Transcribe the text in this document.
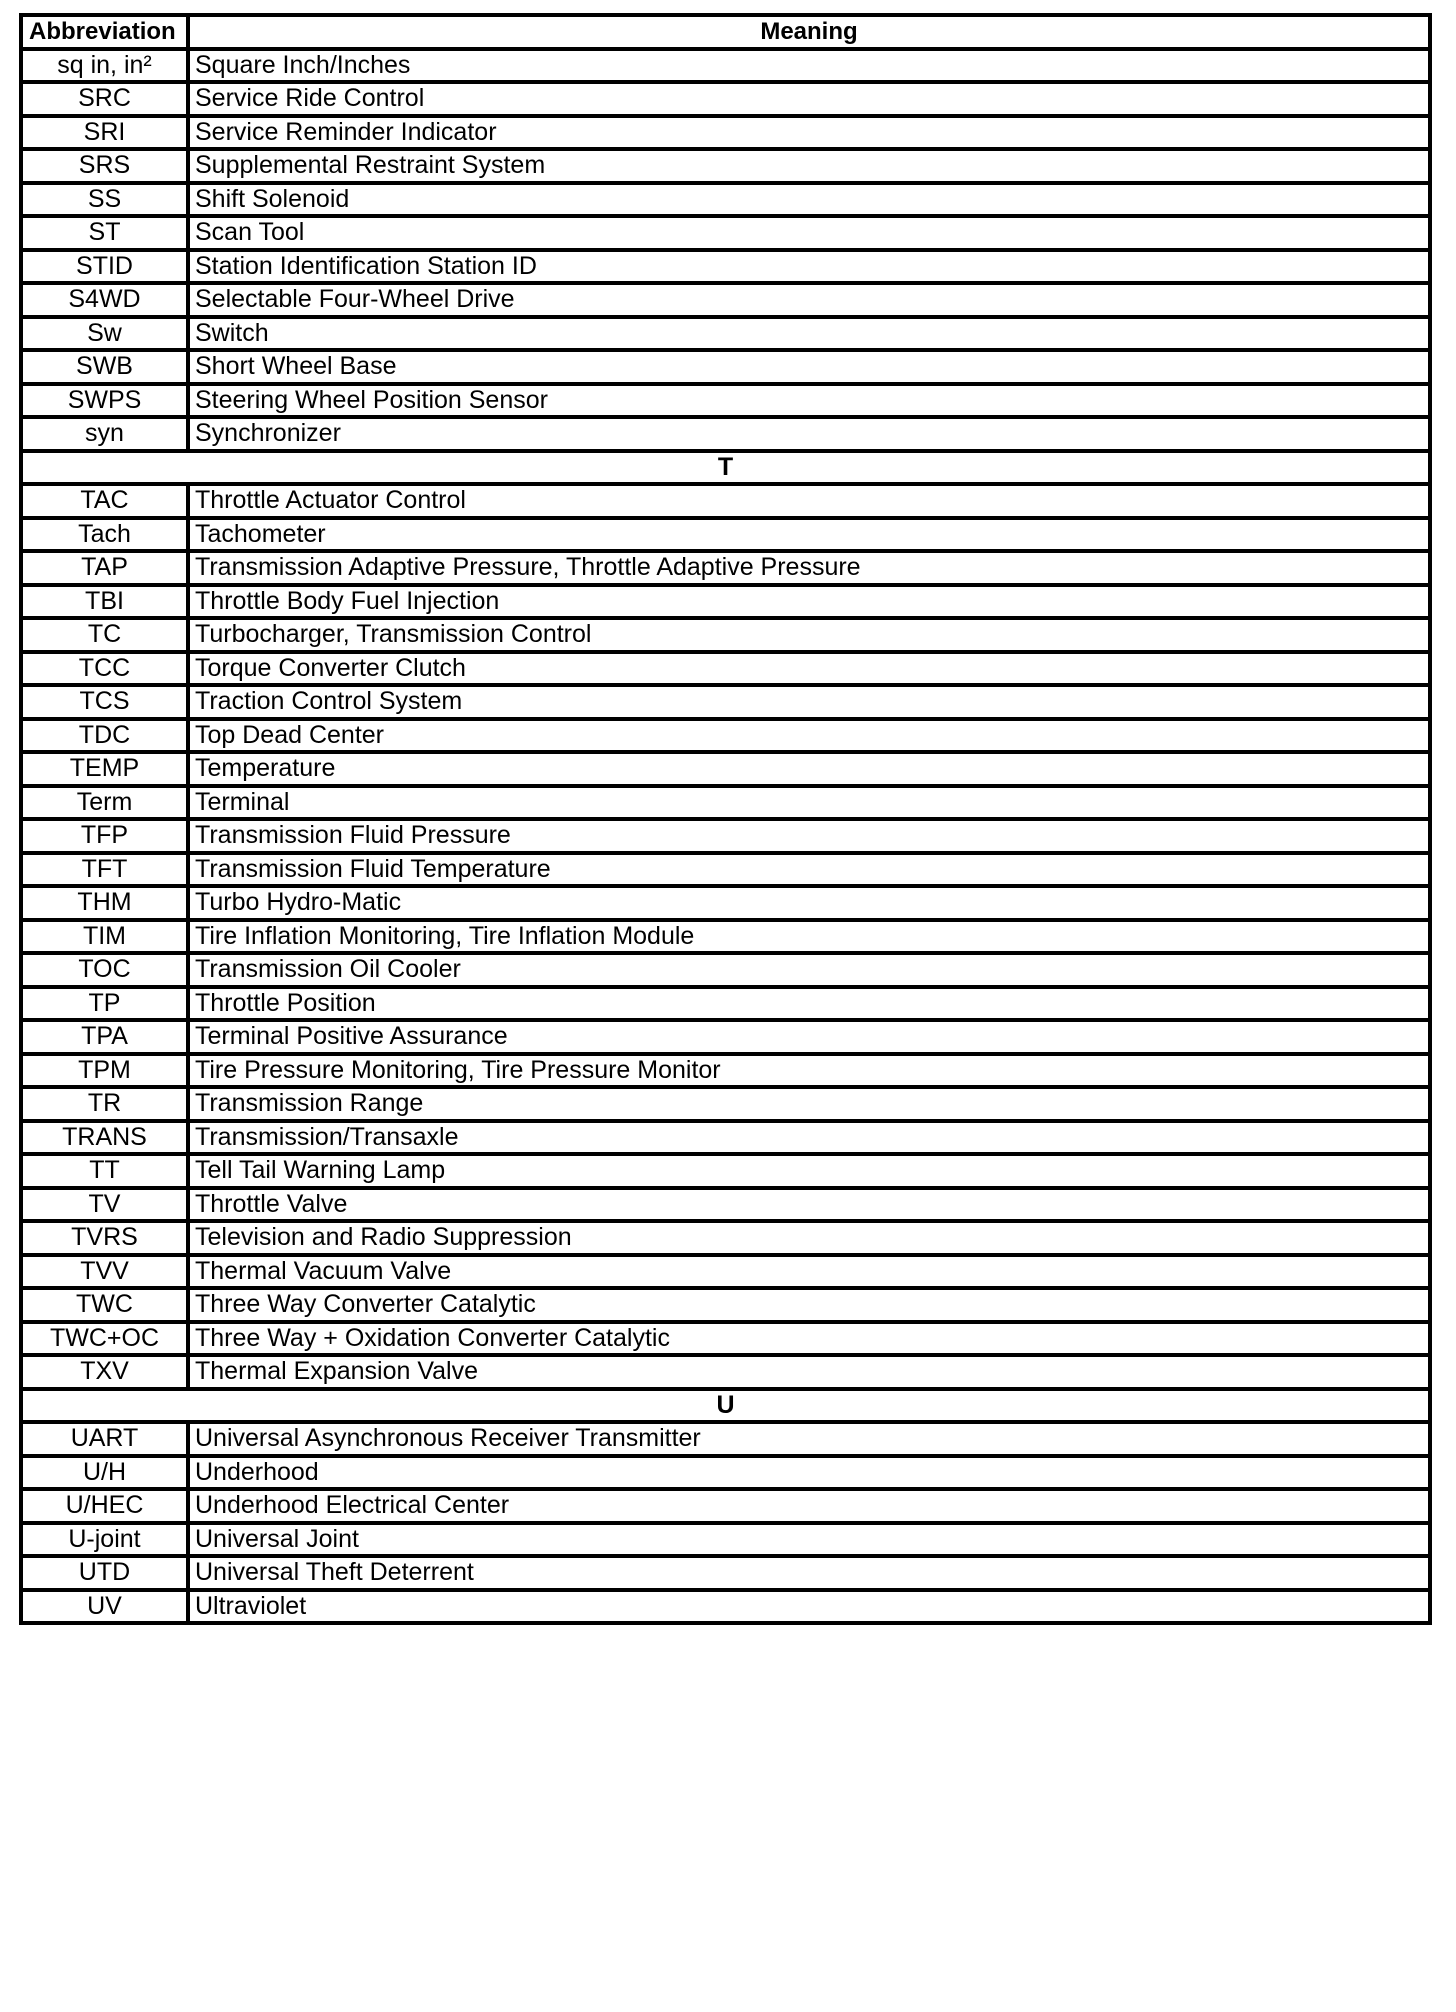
Abbreviation	Meaning
sq in, in²	Square Inch/Inches
SRC	Service Ride Control
SRI	Service Reminder Indicator
SRS	Supplemental Restraint System
SS	Shift Solenoid
ST	Scan Tool
STID	Station Identification Station ID
S4WD	Selectable Four-Wheel Drive
Sw	Switch
SWB	Short Wheel Base
SWPS	Steering Wheel Position Sensor
syn	Synchronizer
T	
TAC	Throttle Actuator Control
Tach	Tachometer
TAP	Transmission Adaptive Pressure, Throttle Adaptive Pressure
TBI	Throttle Body Fuel Injection
TC	Turbocharger, Transmission Control
TCC	Torque Converter Clutch
TCS	Traction Control System
TDC	Top Dead Center
TEMP	Temperature
Term	Terminal
TFP	Transmission Fluid Pressure
TFT	Transmission Fluid Temperature
THM	Turbo Hydro-Matic
TIM	Tire Inflation Monitoring, Tire Inflation Module
TOC	Transmission Oil Cooler
TP	Throttle Position
TPA	Terminal Positive Assurance
TPM	Tire Pressure Monitoring, Tire Pressure Monitor
TR	Transmission Range
TRANS	Transmission/Transaxle
TT	Tell Tail Warning Lamp
TV	Throttle Valve
TVRS	Television and Radio Suppression
TVV	Thermal Vacuum Valve
TWC	Three Way Converter Catalytic
TWC+OC	Three Way + Oxidation Converter Catalytic
TXV	Thermal Expansion Valve
U	
UART	Universal Asynchronous Receiver Transmitter
U/H	Underhood
U/HEC	Underhood Electrical Center
U-joint	Universal Joint
UTD	Universal Theft Deterrent
UV	Ultraviolet
